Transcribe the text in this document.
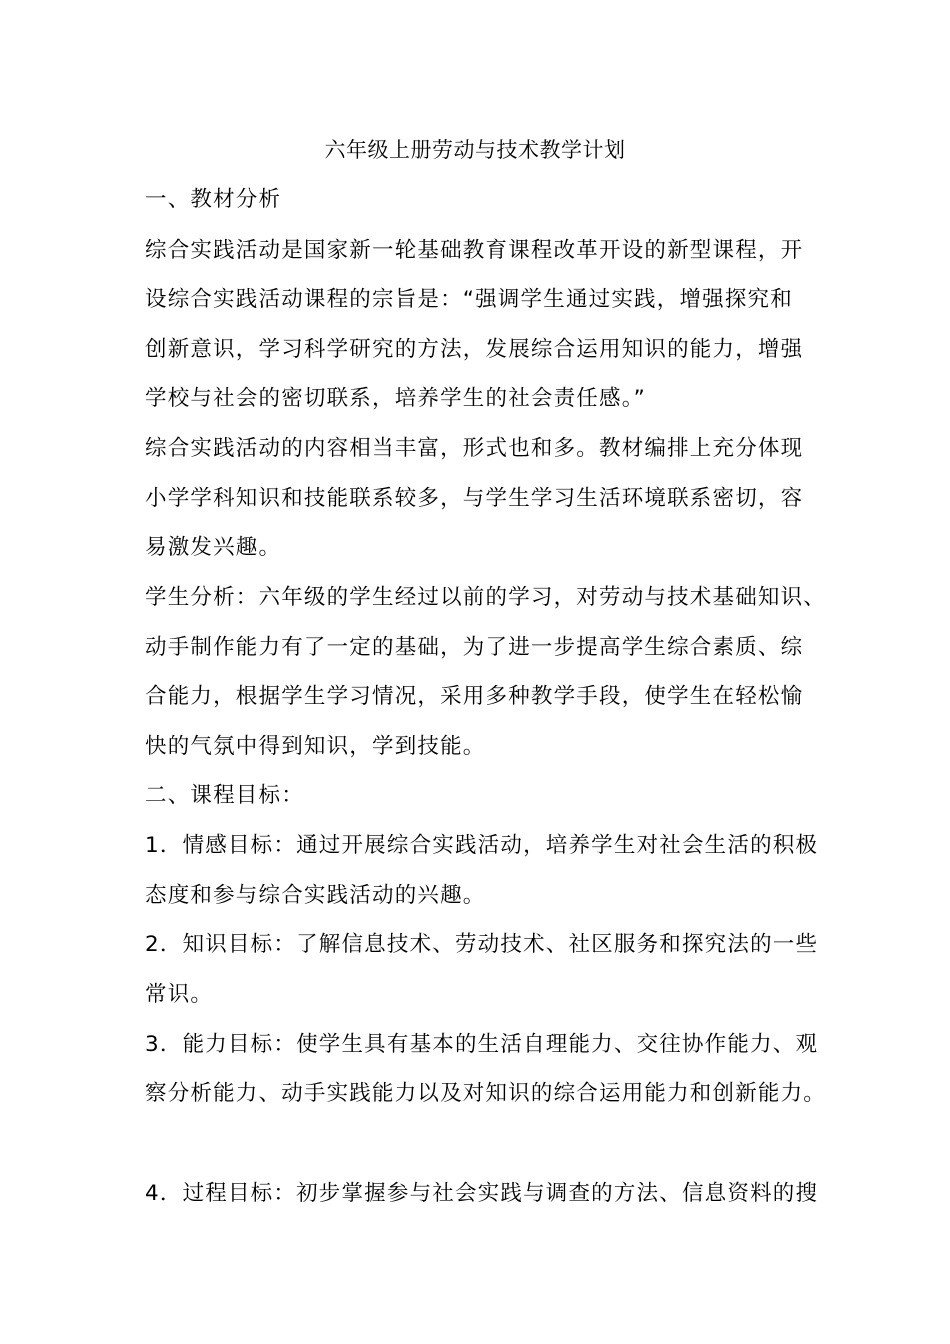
六年级上册劳动与技术教学计划
一、教材分析
综合实践活动是国家新一轮基础教育课程改革开设的新型课程，开
设综合实践活动课程的宗旨是：“强调学生通过实践，增强探究和
创新意识，学习科学研究的方法，发展综合运用知识的能力，增强
学校与社会的密切联系，培养学生的社会责任感。”
综合实践活动的内容相当丰富，形式也和多。教材编排上充分体现
小学学科知识和技能联系较多，与学生学习生活环境联系密切，容
易激发兴趣。
学生分析：六年级的学生经过以前的学习，对劳动与技术基础知识、
动手制作能力有了一定的基础，为了进一步提高学生综合素质、综
合能力，根据学生学习情况，采用多种教学手段，使学生在轻松愉
快的气氛中得到知识，学到技能。
二、课程目标：
1．情感目标：通过开展综合实践活动，培养学生对社会生活的积极
态度和参与综合实践活动的兴趣。
2．知识目标：了解信息技术、劳动技术、社区服务和探究法的一些
常识。
3．能力目标：使学生具有基本的生活自理能力、交往协作能力、观
察分析能力、动手实践能力以及对知识的综合运用能力和创新能力。
4．过程目标：初步掌握参与社会实践与调查的方法、信息资料的搜
